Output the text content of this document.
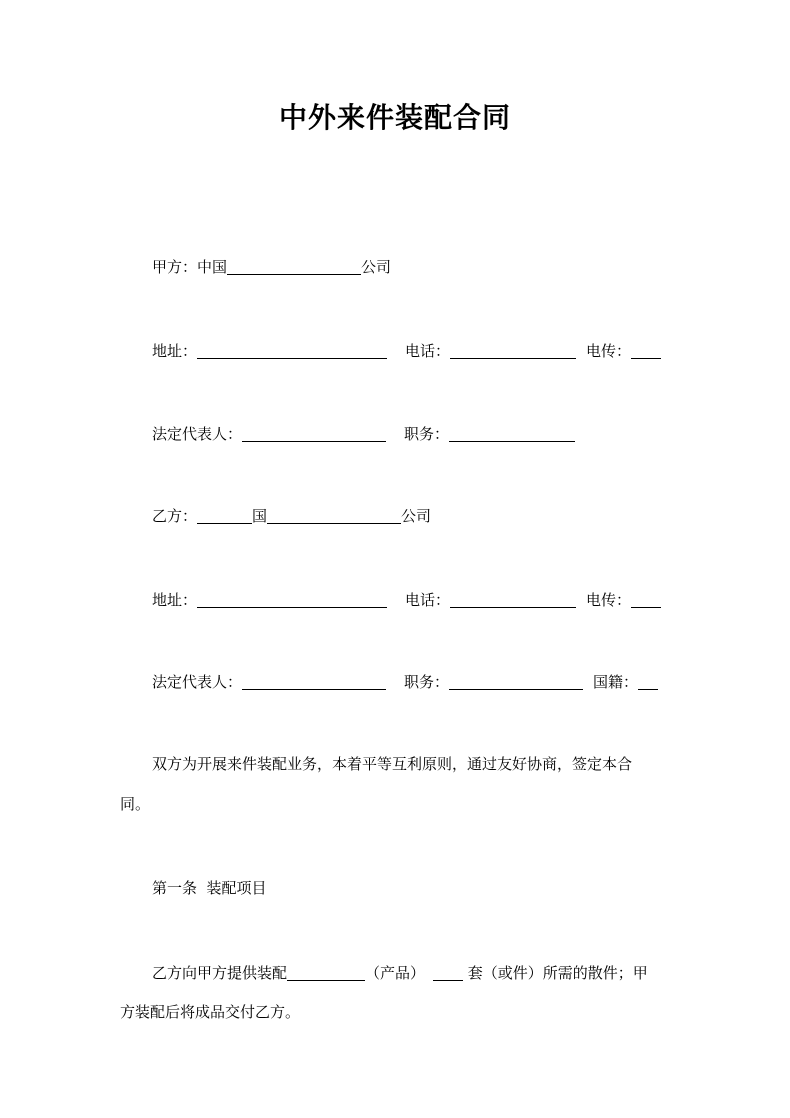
中外来件装配合同
甲方： 中国	公司
地址：	电话：	电传：
法定代表人：	职务：
乙方：	国	公司
地址：	电话：	电传：
法定代表人：	职务：	国籍：
双方为开展来件装配业务，本着平等互利原则，通过友好协商，签定本合
同。
第一条  装配项目
乙方向甲方提供装配	（产品）	套（或件）所需的散件；甲
方装配后将成品交付乙方。
